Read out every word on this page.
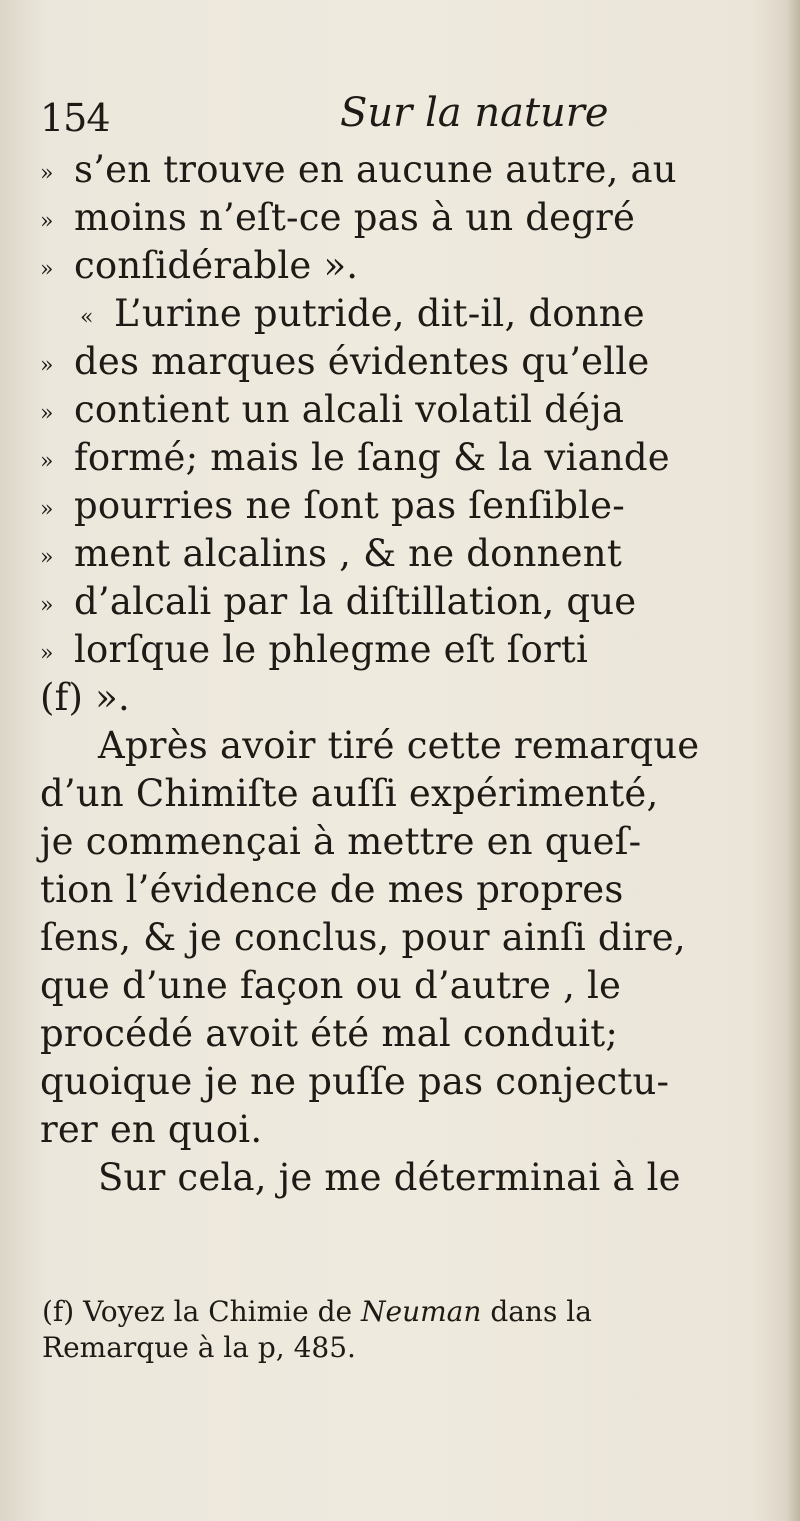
154	Sur la nature
» s’en trouve en aucune autre, au
» moins n’eſt-ce pas à un degré
» conſidérable ».
« L’urine putride, dit-il, donne
» des marques évidentes qu’elle
» contient un alcali volatil déja
» formé; mais le ſang & la viande
» pourries ne ſont pas ſenſible-
» ment alcalins , & ne donnent
» d’alcali par la diſtillation, que
» lorſque le phlegme eſt ſorti
(f) ».
Après avoir tiré cette remarque
d’un Chimiſte auſſi expérimenté,
je commençai à mettre en queſ-
tion l’évidence de mes propres
ſens, & je conclus, pour ainſi dire,
que d’une façon ou d’autre , le
procédé avoit été mal conduit;
quoique je ne puſſe pas conjectu-
rer en quoi.
Sur cela, je me déterminai à le
(f) Voyez la Chimie de Neuman dans la
Remarque à la p, 485.
